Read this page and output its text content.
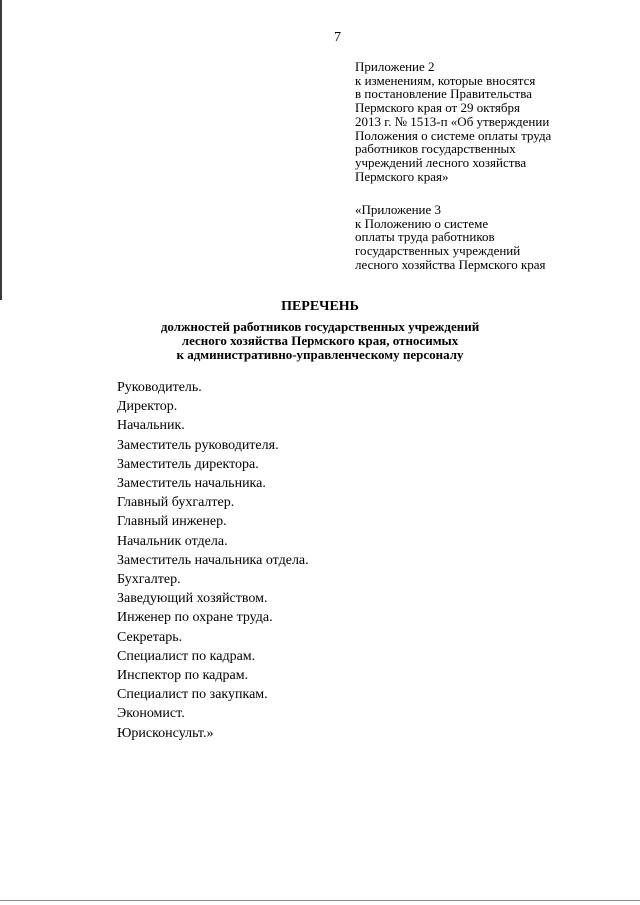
7
Приложение 2
к изменениям, которые вносятся
в постановление Правительства
Пермского края от 29 октября
2013 г. № 1513-п «Об утверждении
Положения о системе оплаты труда
работников государственных
учреждений лесного хозяйства
Пермского края»
«Приложение 3
к Положению о системе
оплаты труда работников
государственных учреждений
лесного хозяйства Пермского края
ПЕРЕЧЕНЬ
должностей работников государственных учреждений
лесного хозяйства Пермского края, относимых
к административно-управленческому персоналу
Руководитель.
Директор.
Начальник.
Заместитель руководителя.
Заместитель директора.
Заместитель начальника.
Главный бухгалтер.
Главный инженер.
Начальник отдела.
Заместитель начальника отдела.
Бухгалтер.
Заведующий хозяйством.
Инженер по охране труда.
Секретарь.
Специалист по кадрам.
Инспектор по кадрам.
Специалист по закупкам.
Экономист.
Юрисконсульт.»
